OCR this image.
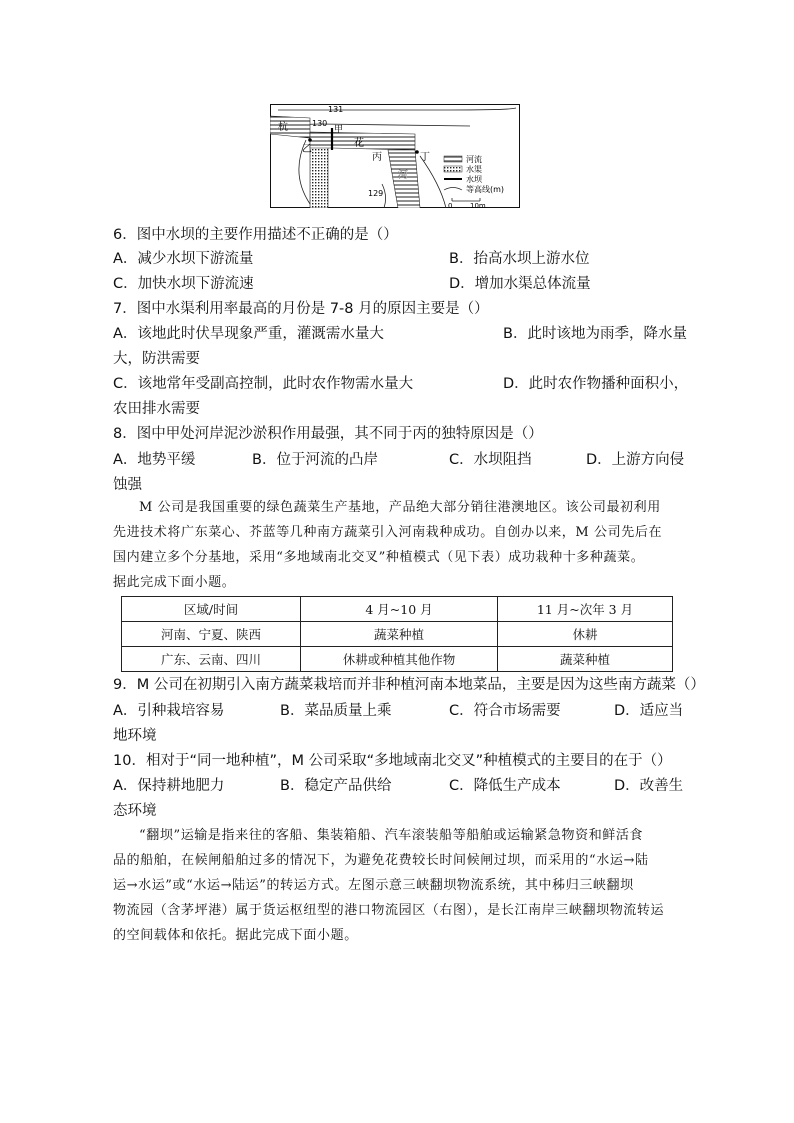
131
130
129
杭	甲
乙
丙	丁
花
河
河流
水渠
水坝
等高线(m)
0	10m
6．图中水坝的主要作用描述不正确的是（）
A．减少水坝下游流量	B．抬高水坝上游水位
C．加快水坝下游流速	D．增加水渠总体流量
7．图中水渠利用率最高的月份是 7-8 月的原因主要是（）
A．该地此时伏旱现象严重，灌溉需水量大	B．此时该地为雨季，降水量
大，防洪需要
C．该地常年受副高控制，此时农作物需水量大	D．此时农作物播种面积小，
农田排水需要
8．图中甲处河岸泥沙淤积作用最强，其不同于丙的独特原因是（）
A．地势平缓	B．位于河流的凸岸	C．水坝阻挡	D．上游方向侵
蚀强

M 公司是我国重要的绿色蔬菜生产基地，产品绝大部分销往港澳地区。该公司最初利用

先进技术将广东菜心、芥蓝等几种南方蔬菜引入河南栽种成功。自创办以来，M 公司先后在
国内建立多个分基地，采用“多地域南北交叉”种植模式（见下表）成功栽种十多种蔬菜。
据此完成下面小题。
区域/时间	4 月~10 月	11 月~次年 3 月
河南、宁夏、陕西	蔬菜种植	休耕
广东、云南、四川	休耕或种植其他作物	蔬菜种植
9．M 公司在初期引入南方蔬菜栽培而并非种植河南本地菜品，主要是因为这些南方蔬菜（）
A．引种栽培容易	B．菜品质量上乘	C．符合市场需要	D．适应当
地环境
10．相对于“同一地种植”，M 公司采取“多地域南北交叉”种植模式的主要目的在于（）
A．保持耕地肥力	B．稳定产品供给	C．降低生产成本	D．改善生
态环境

“翻坝”运输是指来往的客船、集装箱船、汽车滚装船等船舶或运输紧急物资和鲜活食

品的船舶，在候闸船舶过多的情况下，为避免花费较长时间候闸过坝，而采用的“水运→陆
运→水运”或“水运→陆运”的转运方式。左图示意三峡翻坝物流系统，其中秭归三峡翻坝
物流园（含茅坪港）属于货运枢纽型的港口物流园区（右图），是长江南岸三峡翻坝物流转运
的空间载体和依托。据此完成下面小题。
